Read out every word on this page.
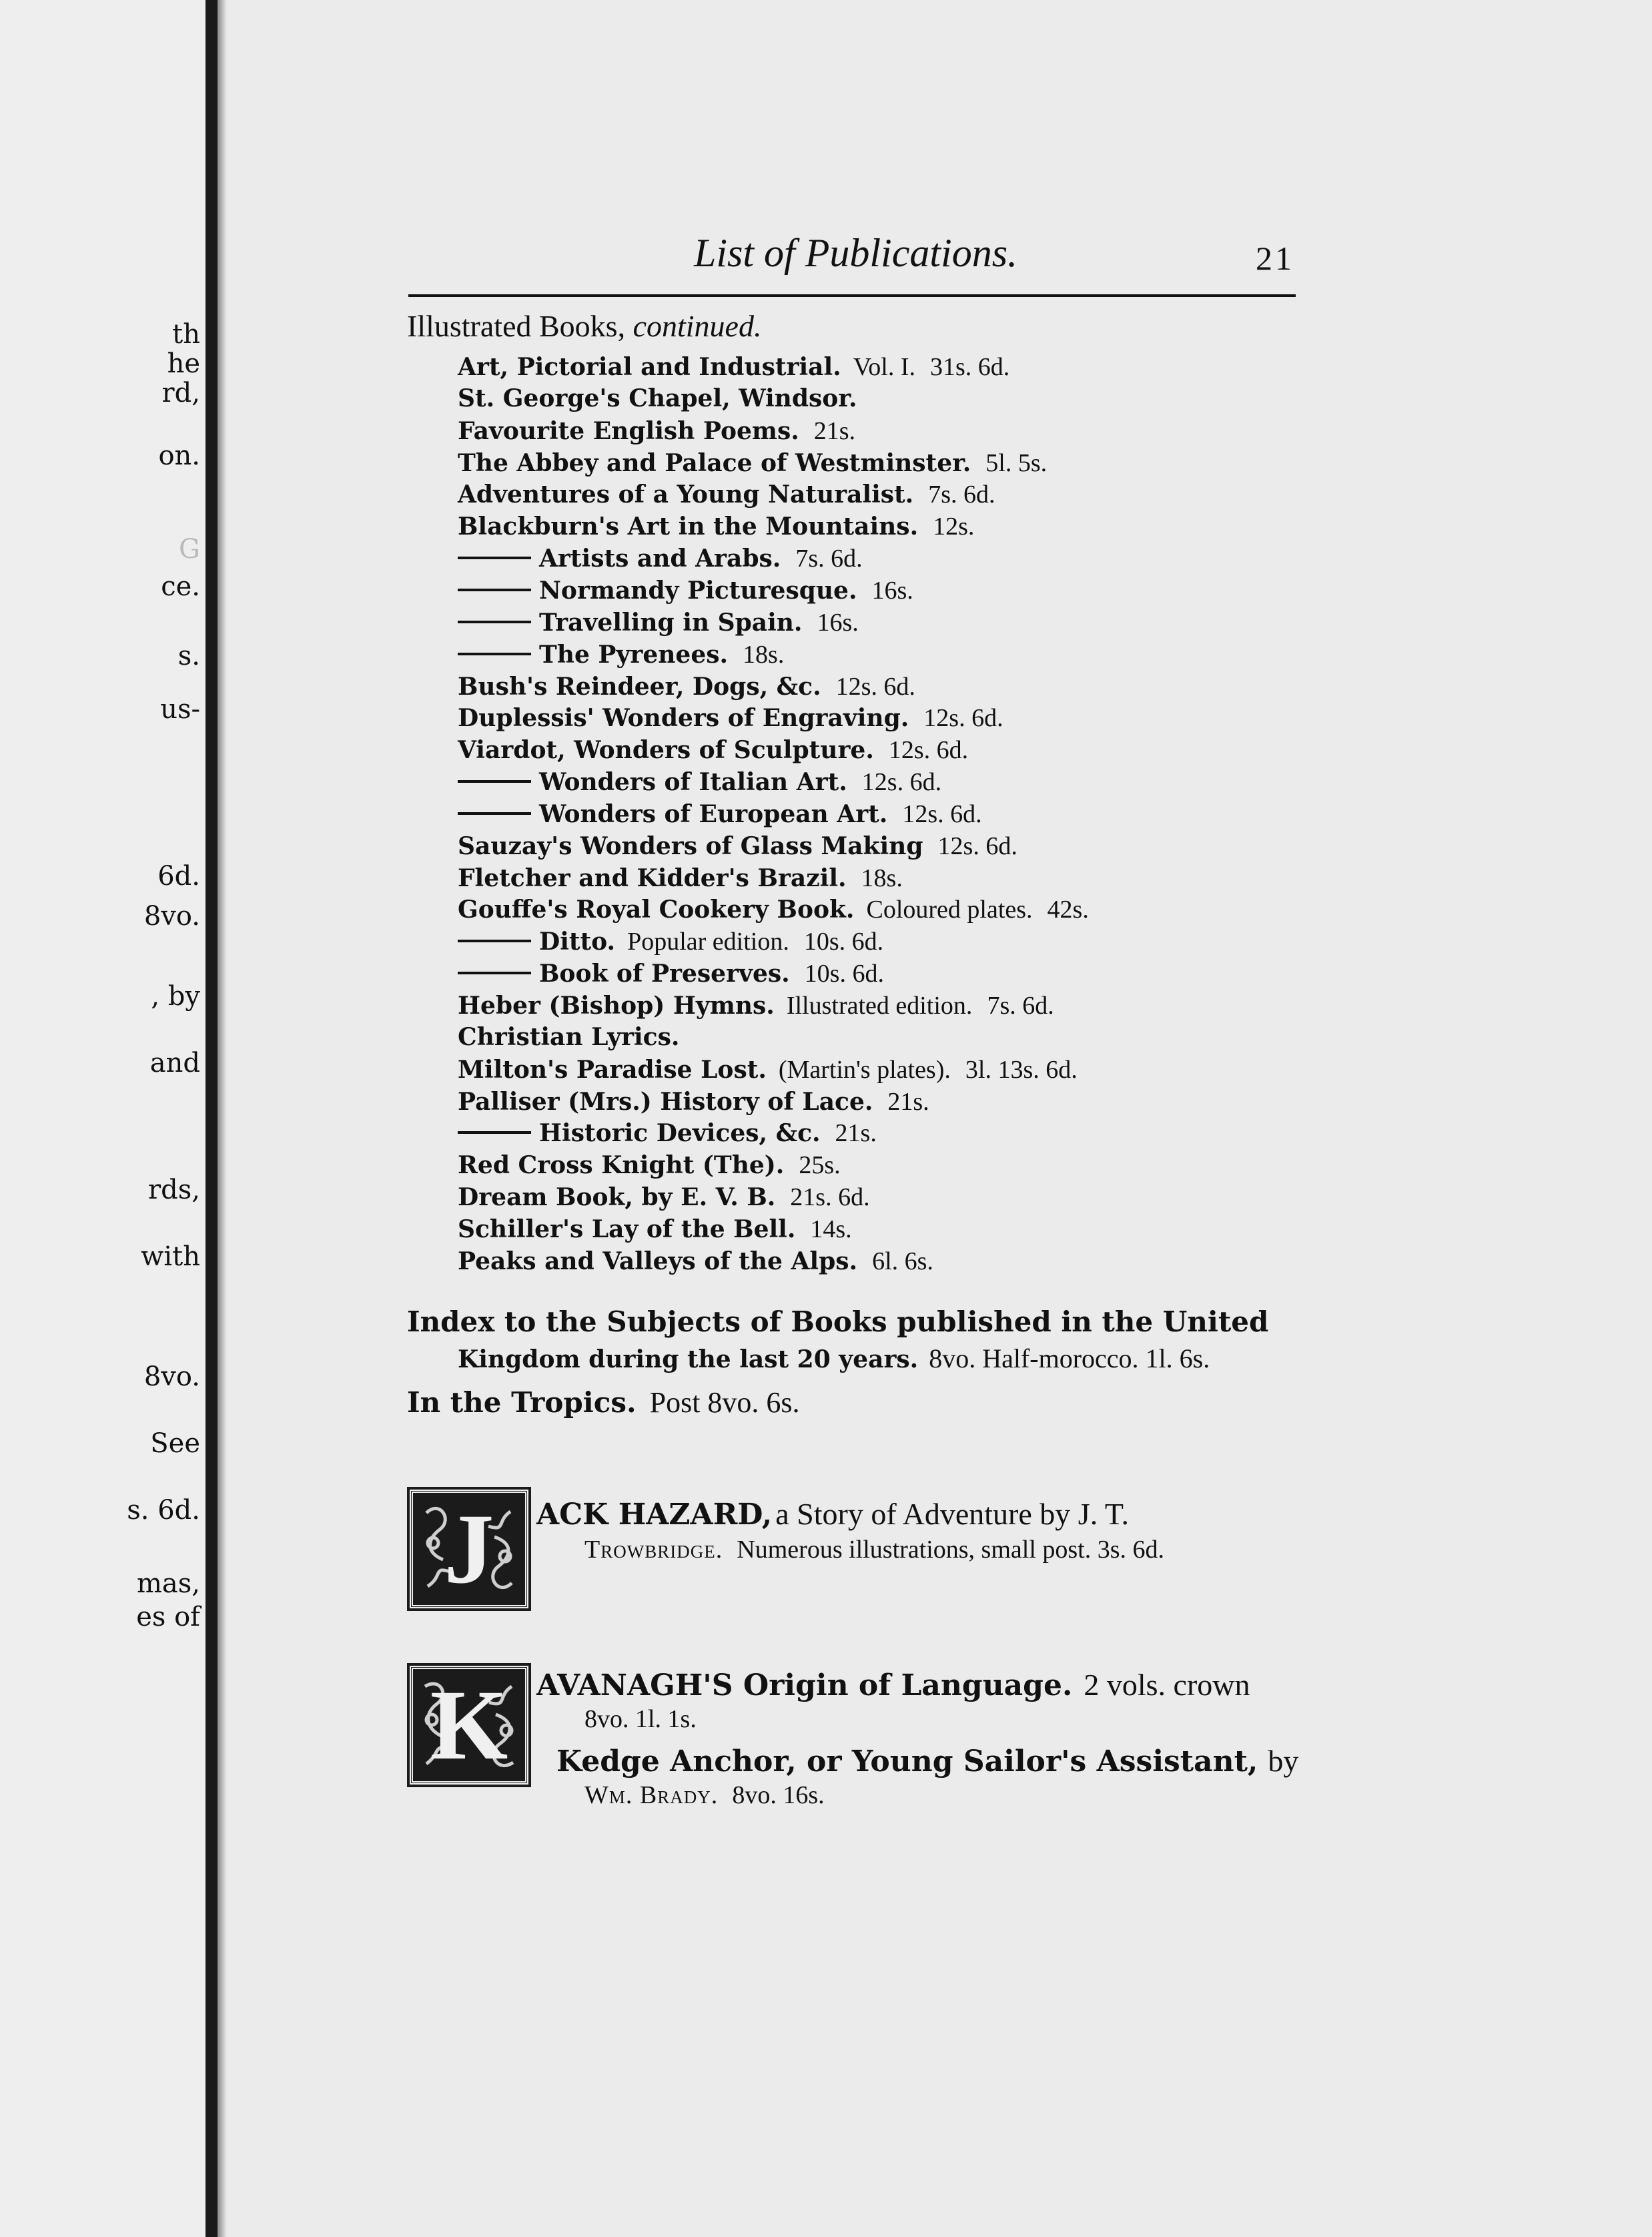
th
he
rd,
on.
G
ce.
s.
us-
6d.
8vo.
, by
and
rds,
with
8vo.
See
s. 6d.
mas,
es of
List of Publications.	21
Illustrated Books, continued.
Art, Pictorial and Industrial. Vol. I. 31s. 6d.
St. George's Chapel, Windsor.
Favourite English Poems. 21s.
The Abbey and Palace of Westminster. 5l. 5s.
Adventures of a Young Naturalist. 7s. 6d.
Blackburn's Art in the Mountains. 12s.
Artists and Arabs. 7s. 6d.
Normandy Picturesque. 16s.
Travelling in Spain. 16s.
The Pyrenees. 18s.
Bush's Reindeer, Dogs, &c. 12s. 6d.
Duplessis' Wonders of Engraving. 12s. 6d.
Viardot, Wonders of Sculpture. 12s. 6d.
Wonders of Italian Art. 12s. 6d.
Wonders of European Art. 12s. 6d.
Sauzay's Wonders of Glass Making 12s. 6d.
Fletcher and Kidder's Brazil. 18s.
Gouffe's Royal Cookery Book. Coloured plates. 42s.
Ditto. Popular edition. 10s. 6d.
Book of Preserves. 10s. 6d.
Heber (Bishop) Hymns. Illustrated edition. 7s. 6d.
Christian Lyrics.
Milton's Paradise Lost. (Martin's plates). 3l. 13s. 6d.
Palliser (Mrs.) History of Lace. 21s.
Historic Devices, &c. 21s.
Red Cross Knight (The). 25s.
Dream Book, by E. V. B. 21s. 6d.
Schiller's Lay of the Bell. 14s.
Peaks and Valleys of the Alps. 6l. 6s.
Index to the Subjects of Books published in the United
Kingdom during the last 20 years. 8vo. Half-morocco. 1l. 6s.
In the Tropics. Post 8vo. 6s.
J	ACK HAZARD, a Story of Adventure by J. T.
Trowbridge. Numerous illustrations, small post. 3s. 6d.
K AVANAGH'S Origin of Language. 2 vols. crown
8vo. 1l. 1s.
Kedge Anchor, or Young Sailor's Assistant, by
Wm. Brady. 8vo. 16s.
